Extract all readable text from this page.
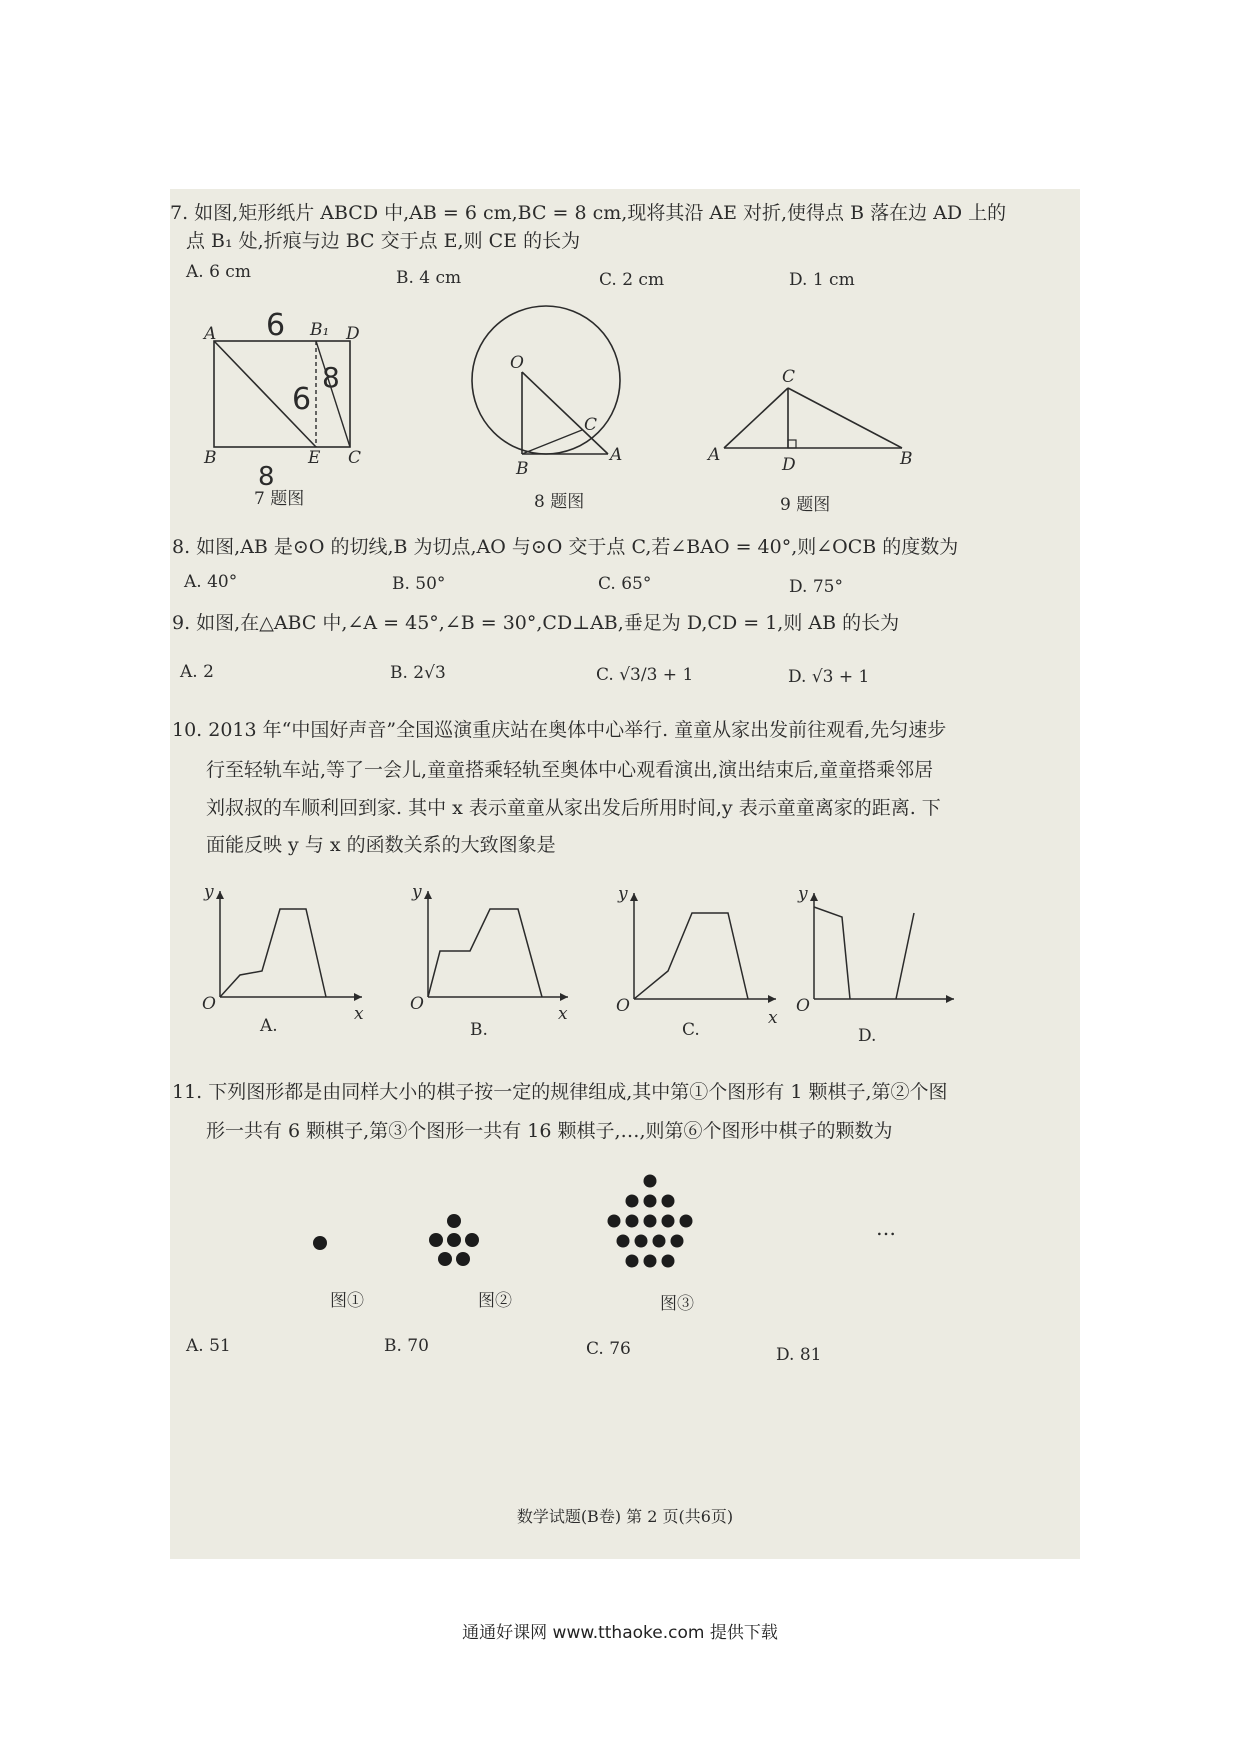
7. 如图,矩形纸片 ABCD 中,AB = 6 cm,BC = 8 cm,现将其沿 AE 对折,使得点 B 落在边 AD 上的
点 B₁ 处,折痕与边 BC 交于点 E,则 CE 的长为
A. 6 cm	B. 4 cm	C. 2 cm	D. 1 cm
A	B₁ D
B	E C
6
6
8
8
7 题图
O
B
C
A
8 题图
C
A	D	B
9 题图
8. 如图,AB 是⊙O 的切线,B 为切点,AO 与⊙O 交于点 C,若∠BAO = 40°,则∠OCB 的度数为
A. 40°	B. 50°	C. 65°	D. 75°
9. 如图,在△ABC 中,∠A = 45°,∠B = 30°,CD⊥AB,垂足为 D,CD = 1,则 AB 的长为
A. 2	B. 2√3	C. √3/3 + 1	D. √3 + 1
10. 2013 年“中国好声音”全国巡演重庆站在奥体中心举行. 童童从家出发前往观看,先匀速步
行至轻轨车站,等了一会儿,童童搭乘轻轨至奥体中心观看演出,演出结束后,童童搭乘邻居
刘叔叔的车顺利回到家. 其中 x 表示童童从家出发后所用时间,y 表示童童离家的距离. 下
面能反映 y 与 x 的函数关系的大致图象是
y
x
O
A.
y
x
O
B.
y
x
O
C.
y
O
D.
11. 下列图形都是由同样大小的棋子按一定的规律组成,其中第①个图形有 1 颗棋子,第②个图
形一共有 6 颗棋子,第③个图形一共有 16 颗棋子,…,则第⑥个图形中棋子的颗数为
…
图①	图②	图③
A. 51	B. 70	C. 76	D. 81
数学试题(B卷) 第 2 页(共6页)
通通好课网 www.tthaoke.com 提供下载
